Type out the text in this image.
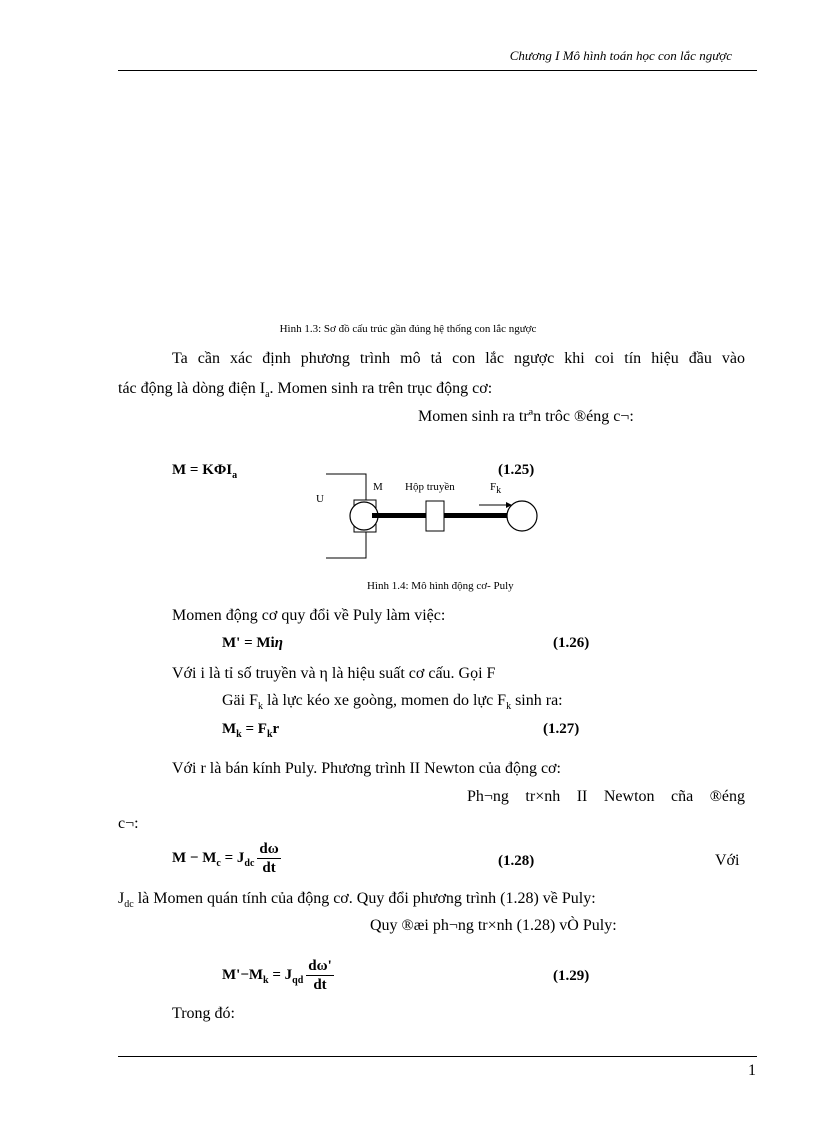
Chương I Mô hình toán học con lắc ngược
Hình 1.3: Sơ đồ cấu trúc gần đúng hệ thống con lắc ngược
Ta cần xác định phương trình mô tả con lắc ngược khi coi tín hiệu đầu vào
tác động là dòng điện $I_a$. Momen sinh ra trên trục động cơ:
Momen sinh ra trªn trôc ®éng c¬:
$M = K\Phi I_a$	(1.25)
U
M Hộp truyền	$F_k$
Hình 1.4: Mô hình động cơ- Puly
Momen động cơ quy đổi về Puly làm việc:
M' = Miη	(1.26)
Với i là tỉ số truyền và η là hiệu suất cơ cấu. Gọi F
Gäi $F_k$ là lực kéo xe goòng, momen do lực $F_k$ sinh ra:
$M_k = F_kr$	(1.27)
Với r là bán kính Puly. Phương trình II Newton của động cơ:
Ph¬ng tr×nh II Newton cña ®éng
c¬:
$M - M_c = J_{dc} \frac{d\omega}{dt}$	(1.28)	Với
$J_{dc}$ là Momen quán tính của động cơ. Quy đổi phương trình (1.28) về Puly:
Quy ®æi ph¬ng tr×nh (1.28) vÒ Puly:
$M'-M_k = J_{qd} \frac{d\omega'}{dt}$	(1.29)
Trong đó:
1
